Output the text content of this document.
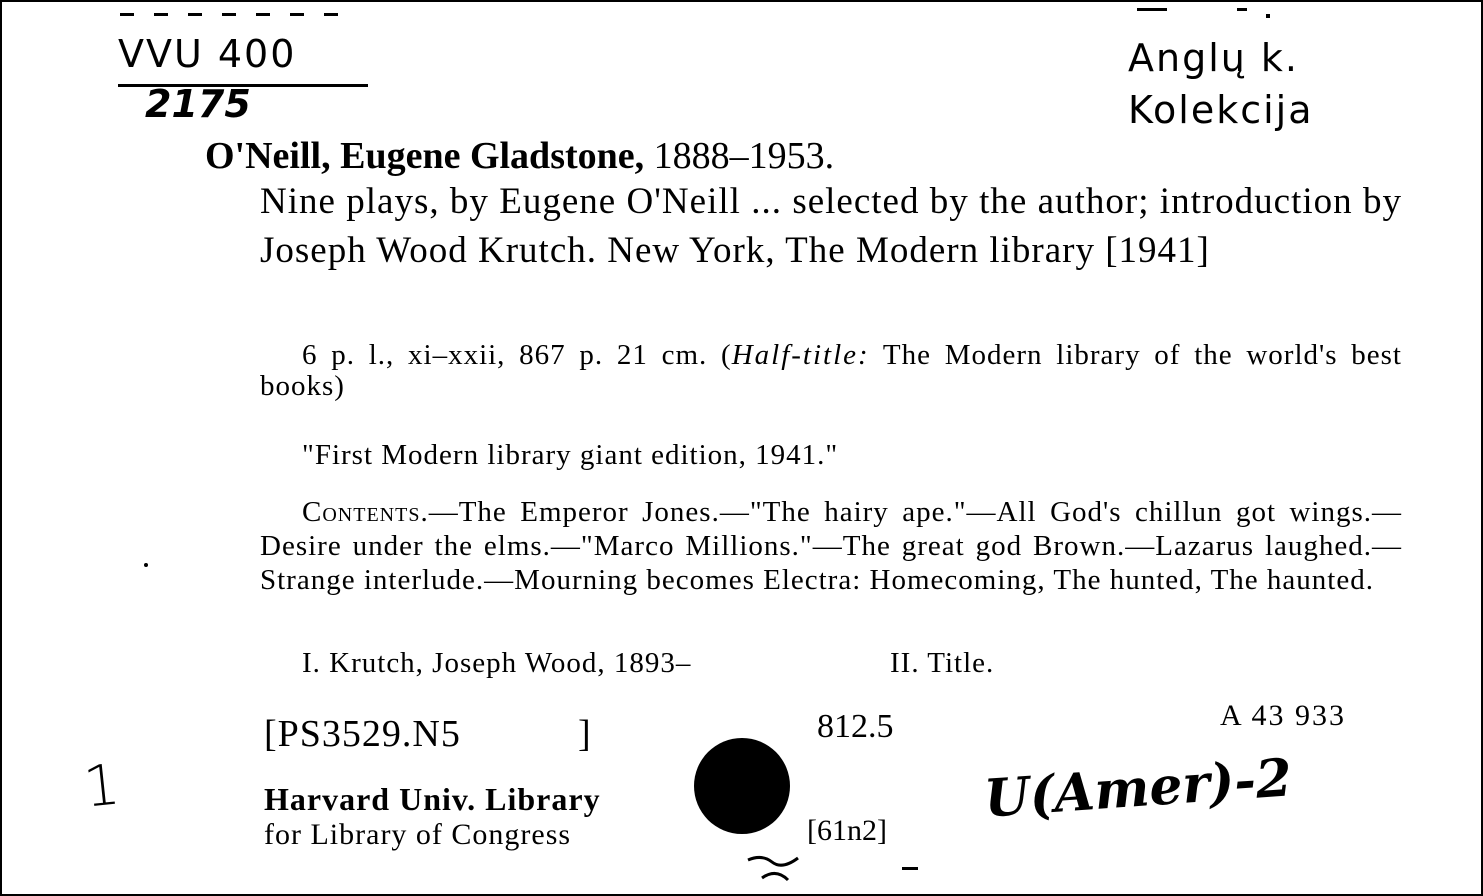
VVU 400
2175
Anglų k.
Kolekcija
O'Neill, Eugene Gladstone, 1888–1953.
Nine plays, by Eugene O'Neill ... selected by the author; introduction by Joseph Wood Krutch. New York, The Modern library [1941]
6 p. l., xi–xxii, 867 p. 21 cm. (Half-title: The Modern library of the world's best books)
"First Modern library giant edition, 1941."
Contents.—The Emperor Jones.—"The hairy ape."—All God's chillun got wings.—Desire under the elms.—"Marco Millions."—The great god Brown.—Lazarus laughed.—Strange interlude.—Mourning becomes Electra: Homecoming, The hunted, The haunted.
I. Krutch, Joseph Wood, 1893–	II. Title.
[PS3529.N5	]	812.5	A 43 933
Harvard Univ. Library
for Library of Congress	[61n2]
1	U(Amer)-2
